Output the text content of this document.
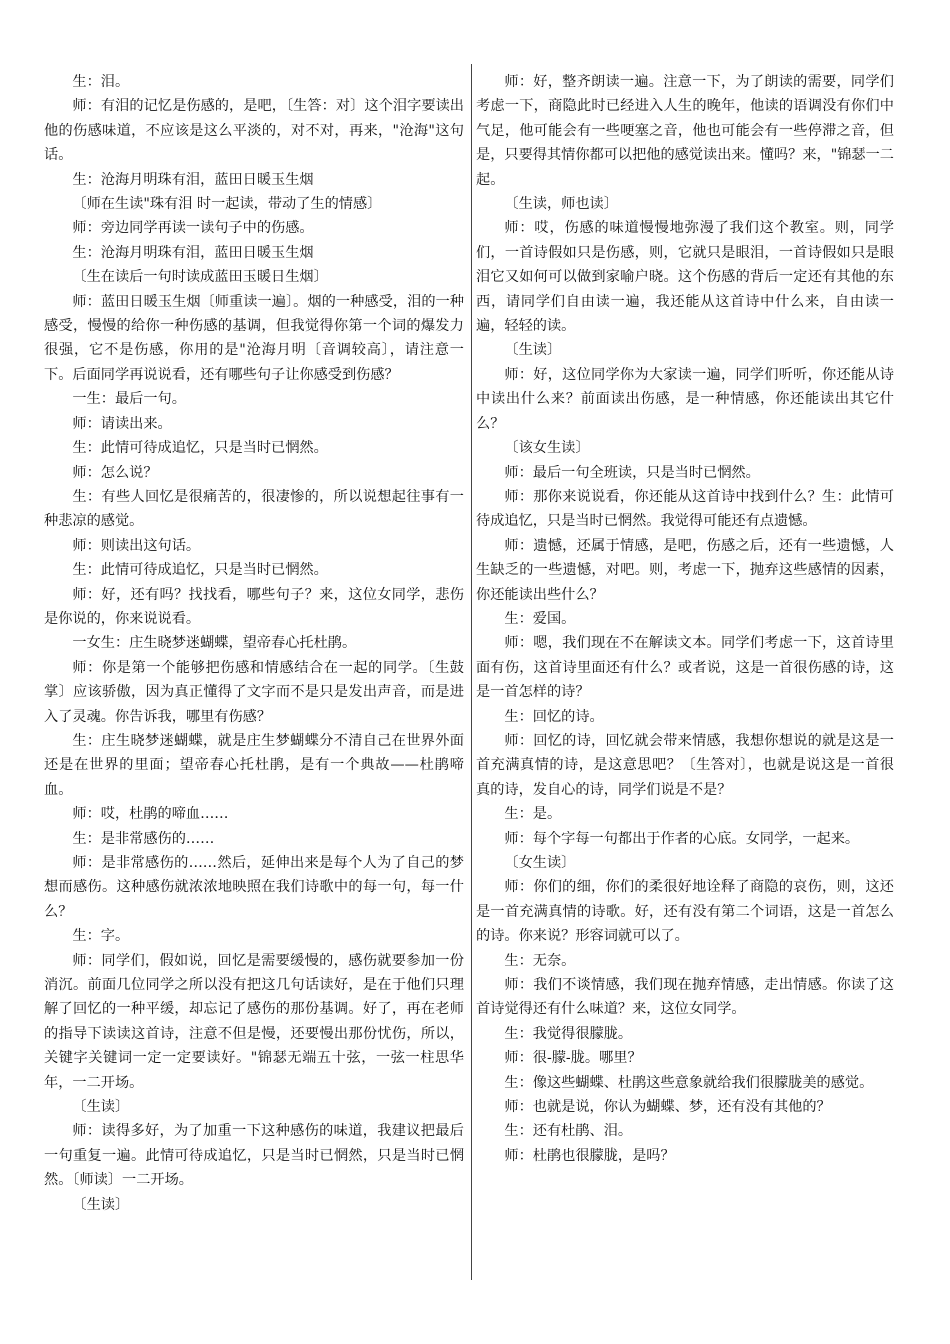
生：泪。

师：有泪的记忆是伤感的，是吧，〔生答：对〕这个泪字要读出他的伤感味道，不应该是这么平淡的，对不对，再来，"沧海"这句话。

生：沧海月明珠有泪，蓝田日暖玉生烟

〔师在生读"珠有泪 时一起读，带动了生的情感〕

师：旁边同学再读一读句子中的伤感。

生：沧海月明珠有泪，蓝田日暖玉生烟

〔生在读后一句时读成蓝田玉暖日生烟〕

师：蓝田日暖玉生烟〔师重读一遍〕。烟的一种感受，泪的一种感受，慢慢的给你一种伤感的基调，但我觉得你第一个词的爆发力很强，它不是伤感，你用的是"沧海月明〔音调较高〕，请注意一下。后面同学再说说看，还有哪些句子让你感受到伤感？

一生：最后一句。

师：请读出来。

生：此情可待成追忆，只是当时已惘然。

师：怎么说？

生：有些人回忆是很痛苦的，很凄惨的，所以说想起往事有一种悲凉的感觉。

师：则读出这句话。

生：此情可待成追忆，只是当时已惘然。

师：好，还有吗？找找看，哪些句子？来，这位女同学，悲伤是你说的，你来说说看。

一女生：庄生晓梦迷蝴蝶，望帝春心托杜鹃。

师：你是第一个能够把伤感和情感结合在一起的同学。〔生鼓掌〕应该骄傲，因为真正懂得了文字而不是只是发出声音，而是进入了灵魂。你告诉我，哪里有伤感？

生：庄生晓梦迷蝴蝶，就是庄生梦蝴蝶分不清自己在世界外面还是在世界的里面；望帝春心托杜鹃，是有一个典故——杜鹃啼血。

师：哎，杜鹃的啼血……

生：是非常感伤的……

师：是非常感伤的……然后，延伸出来是每个人为了自己的梦想而感伤。这种感伤就浓浓地映照在我们诗歌中的每一句，每一什么？

生：字。

师：同学们，假如说，回忆是需要缓慢的，感伤就要参加一份消沉。前面几位同学之所以没有把这几句话读好，是在于他们只理解了回忆的一种平缓，却忘记了感伤的那份基调。好了，再在老师的指导下读读这首诗，注意不但是慢，还要慢出那份忧伤，所以，关键字关键词一定一定要读好。"锦瑟无端五十弦，一弦一柱思华年，一二开场。

〔生读〕

师：读得多好，为了加重一下这种感伤的味道，我建议把最后一句重复一遍。此情可待成追忆，只是当时已惘然，只是当时已惘然。〔师读〕一二开场。

〔生读〕

师：好，整齐朗读一遍。注意一下，为了朗读的需要，同学们考虑一下，商隐此时已经进入人生的晚年，他读的语调没有你们中气足，他可能会有一些哽塞之音，他也可能会有一些停滞之音，但是，只要得其情你都可以把他的感觉读出来。懂吗？来，"锦瑟一二起。

〔生读，师也读〕

师：哎，伤感的味道慢慢地弥漫了我们这个教室。则，同学们，一首诗假如只是伤感，则，它就只是眼泪，一首诗假如只是眼泪它又如何可以做到家喻户晓。这个伤感的背后一定还有其他的东西，请同学们自由读一遍，我还能从这首诗中什么来，自由读一遍，轻轻的读。

〔生读〕

师：好，这位同学你为大家读一遍，同学们听听，你还能从诗中读出什么来？前面读出伤感，是一种情感，你还能读出其它什么？

〔该女生读〕

师：最后一句全班读，只是当时已惘然。

师：那你来说说看，你还能从这首诗中找到什么？生：此情可待成追忆，只是当时已惘然。我觉得可能还有点遗憾。

师：遗憾，还属于情感，是吧，伤感之后，还有一些遗憾，人生缺乏的一些遗憾，对吧。则，考虑一下，抛弃这些感情的因素，你还能读出些什么？

生：爱国。

师：嗯，我们现在不在解读文本。同学们考虑一下，这首诗里面有伤，这首诗里面还有什么？或者说，这是一首很伤感的诗，这是一首怎样的诗？

生：回忆的诗。

师：回忆的诗，回忆就会带来情感，我想你想说的就是这是一首充满真情的诗，是这意思吧？〔生答对〕，也就是说这是一首很真的诗，发自心的诗，同学们说是不是？

生：是。

师：每个字每一句都出于作者的心底。女同学，一起来。

〔女生读〕

师：你们的细，你们的柔很好地诠释了商隐的哀伤，则，这还是一首充满真情的诗歌。好，还有没有第二个词语，这是一首怎么的诗。你来说？形容词就可以了。

生：无奈。

师：我们不谈情感，我们现在抛弃情感，走出情感。你读了这首诗觉得还有什么味道？来，这位女同学。

生：我觉得很朦胧。

师：很-朦-胧。哪里？

生：像这些蝴蝶、杜鹃这些意象就给我们很朦胧美的感觉。

师：也就是说，你认为蝴蝶、梦，还有没有其他的？

生：还有杜鹃、泪。

师：杜鹃也很朦胧，是吗？
